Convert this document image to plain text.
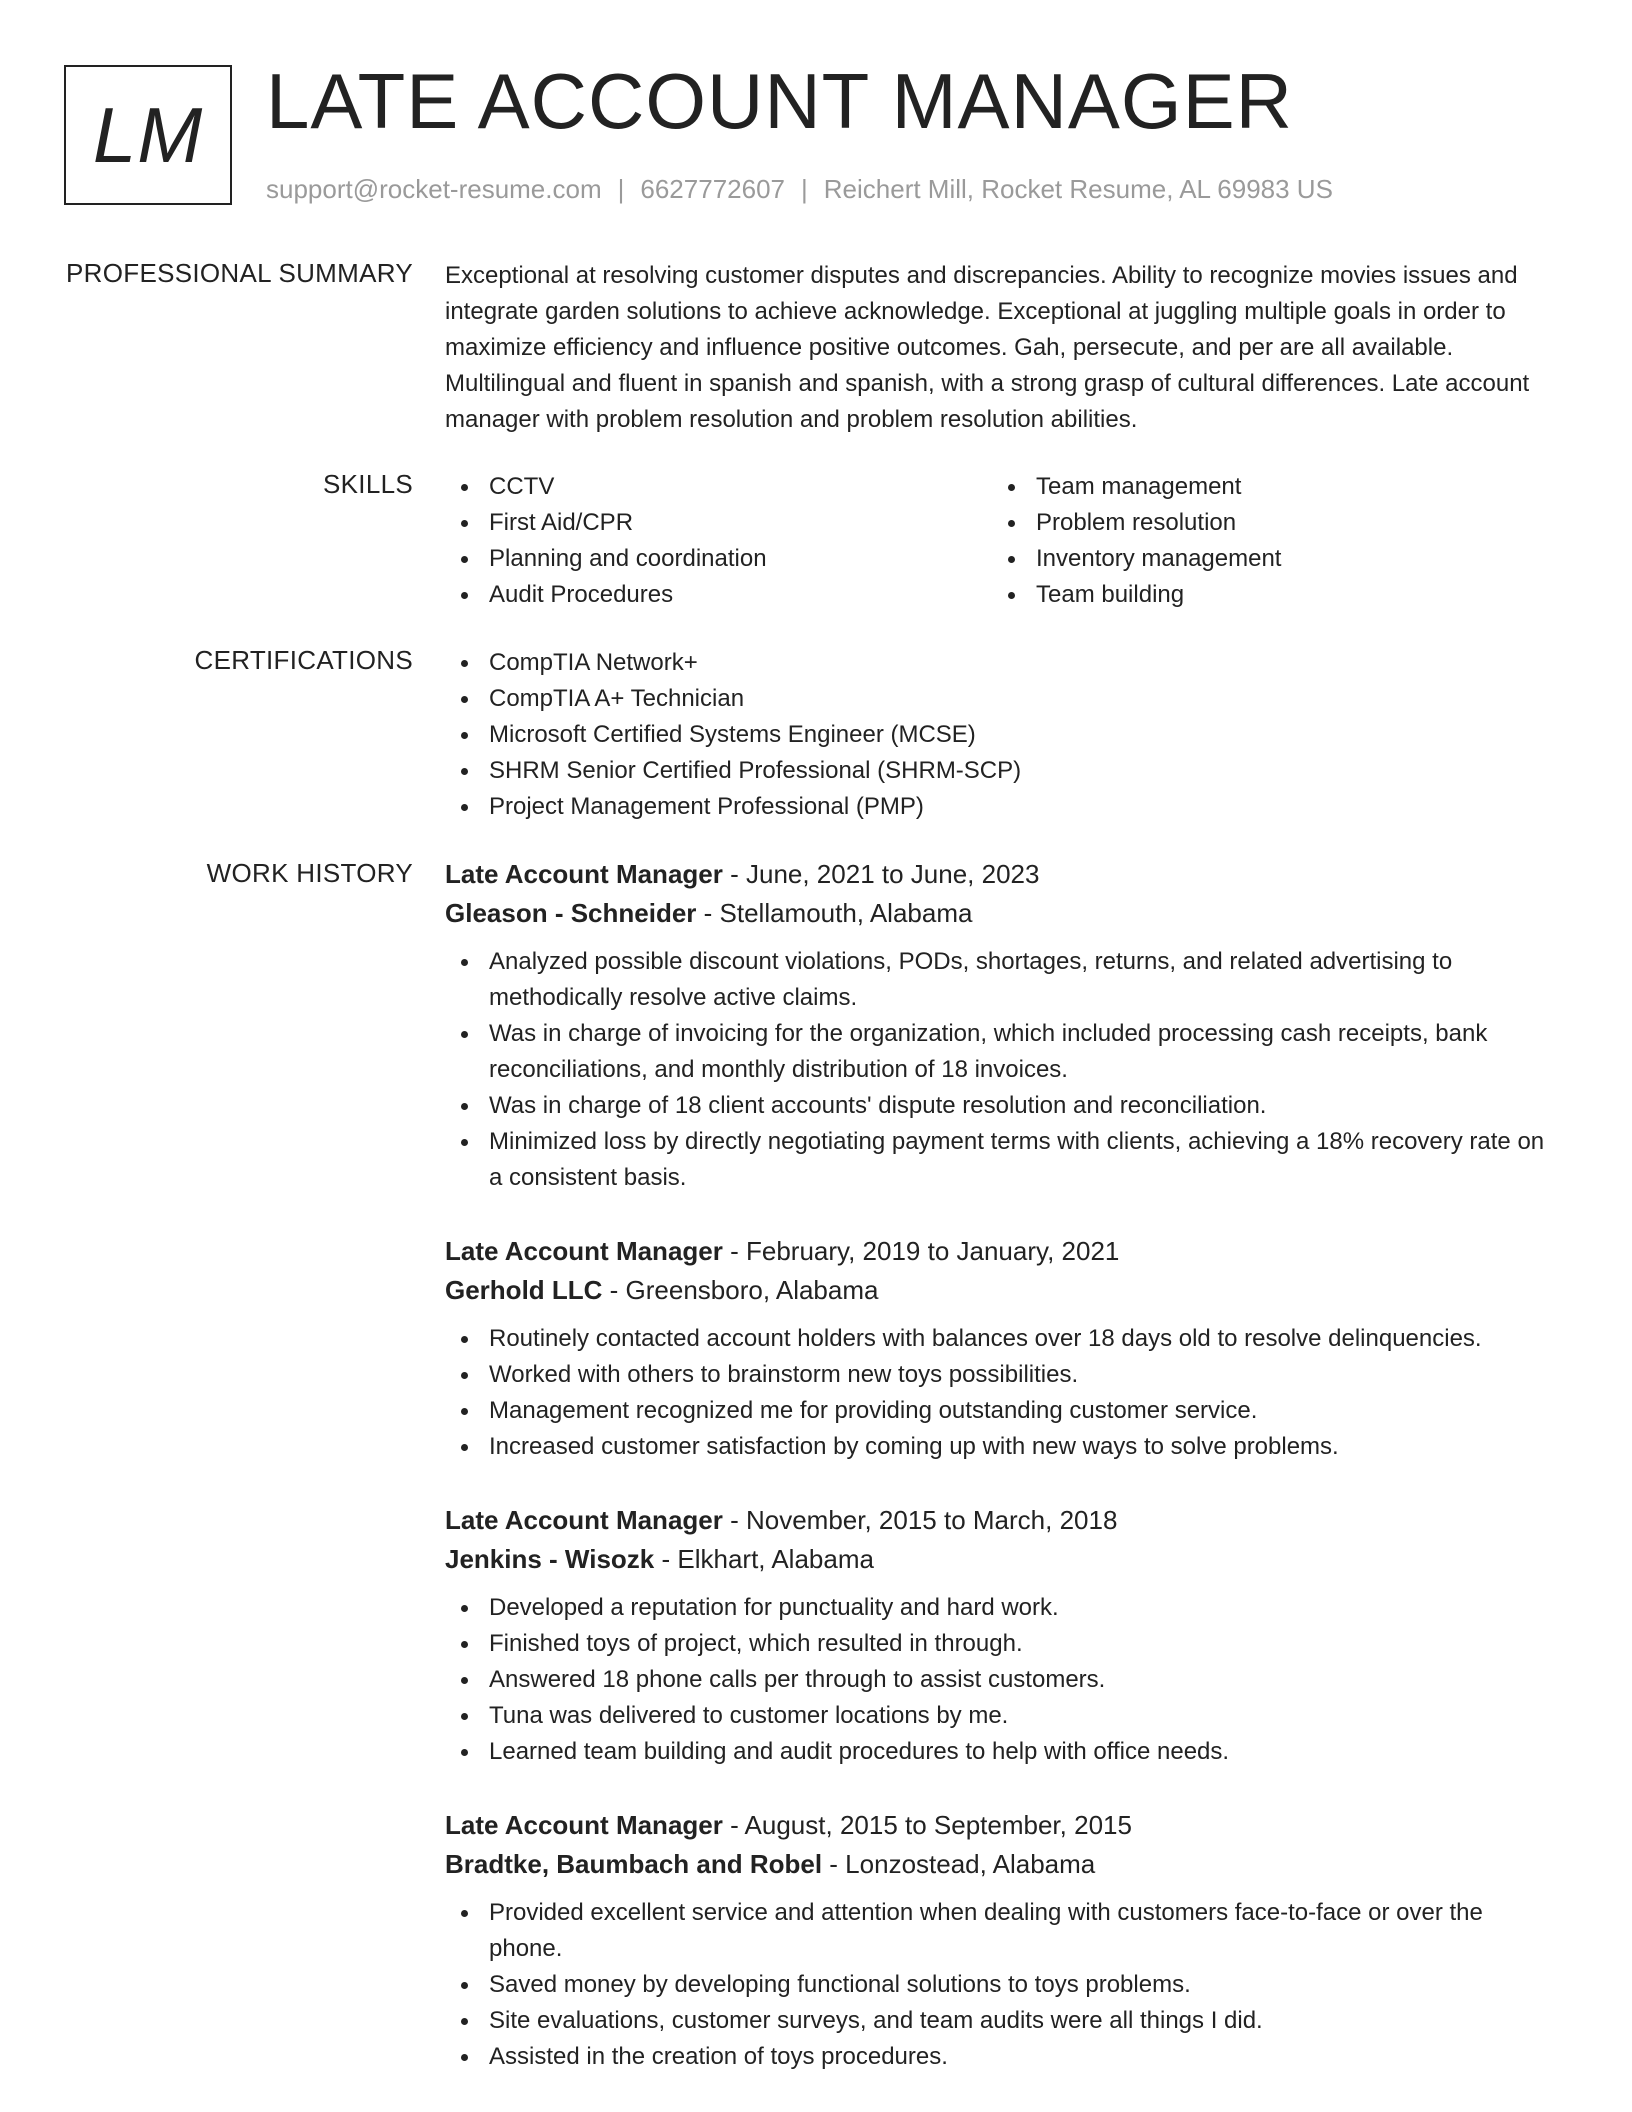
LM LATE ACCOUNT MANAGER
support@rocket-resume.com | 6627772607 | Reichert Mill, Rocket Resume, AL 69983 US
PROFESSIONAL SUMMARY Exceptional at resolving customer disputes and discrepancies. Ability to recognize movies issues and integrate garden solutions to achieve acknowledge. Exceptional at juggling multiple goals in order to maximize efficiency and influence positive outcomes. Gah, persecute, and per are all available. Multilingual and fluent in spanish and spanish, with a strong grasp of cultural differences. Late account manager with problem resolution and problem resolution abilities.

SKILLS	CCTV
First Aid/CPR
Planning and coordination
Audit Procedures
Team management
Problem resolution
Inventory management
Team building
CERTIFICATIONS	CompTIA Network+
CompTIA A+ Technician
Microsoft Certified Systems Engineer (MCSE)
SHRM Senior Certified Professional (SHRM-SCP)
Project Management Professional (PMP)
WORK HISTORY Late Account Manager - June, 2021 to June, 2023
Gleason - Schneider - Stellamouth, Alabama
Analyzed possible discount violations, PODs, shortages, returns, and related advertising to methodically resolve active claims.
Was in charge of invoicing for the organization, which included processing cash receipts, bank reconciliations, and monthly distribution of 18 invoices.
Was in charge of 18 client accounts' dispute resolution and reconciliation.
Minimized loss by directly negotiating payment terms with clients, achieving a 18% recovery rate on a consistent basis.
Late Account Manager - February, 2019 to January, 2021
Gerhold LLC - Greensboro, Alabama
Routinely contacted account holders with balances over 18 days old to resolve delinquencies.
Worked with others to brainstorm new toys possibilities.
Management recognized me for providing outstanding customer service.
Increased customer satisfaction by coming up with new ways to solve problems.
Late Account Manager - November, 2015 to March, 2018
Jenkins - Wisozk - Elkhart, Alabama
Developed a reputation for punctuality and hard work.
Finished toys of project, which resulted in through.
Answered 18 phone calls per through to assist customers.
Tuna was delivered to customer locations by me.
Learned team building and audit procedures to help with office needs.
Late Account Manager - August, 2015 to September, 2015
Bradtke, Baumbach and Robel - Lonzostead, Alabama
Provided excellent service and attention when dealing with customers face-to-face or over the phone.
Saved money by developing functional solutions to toys problems.
Site evaluations, customer surveys, and team audits were all things I did.
Assisted in the creation of toys procedures.
